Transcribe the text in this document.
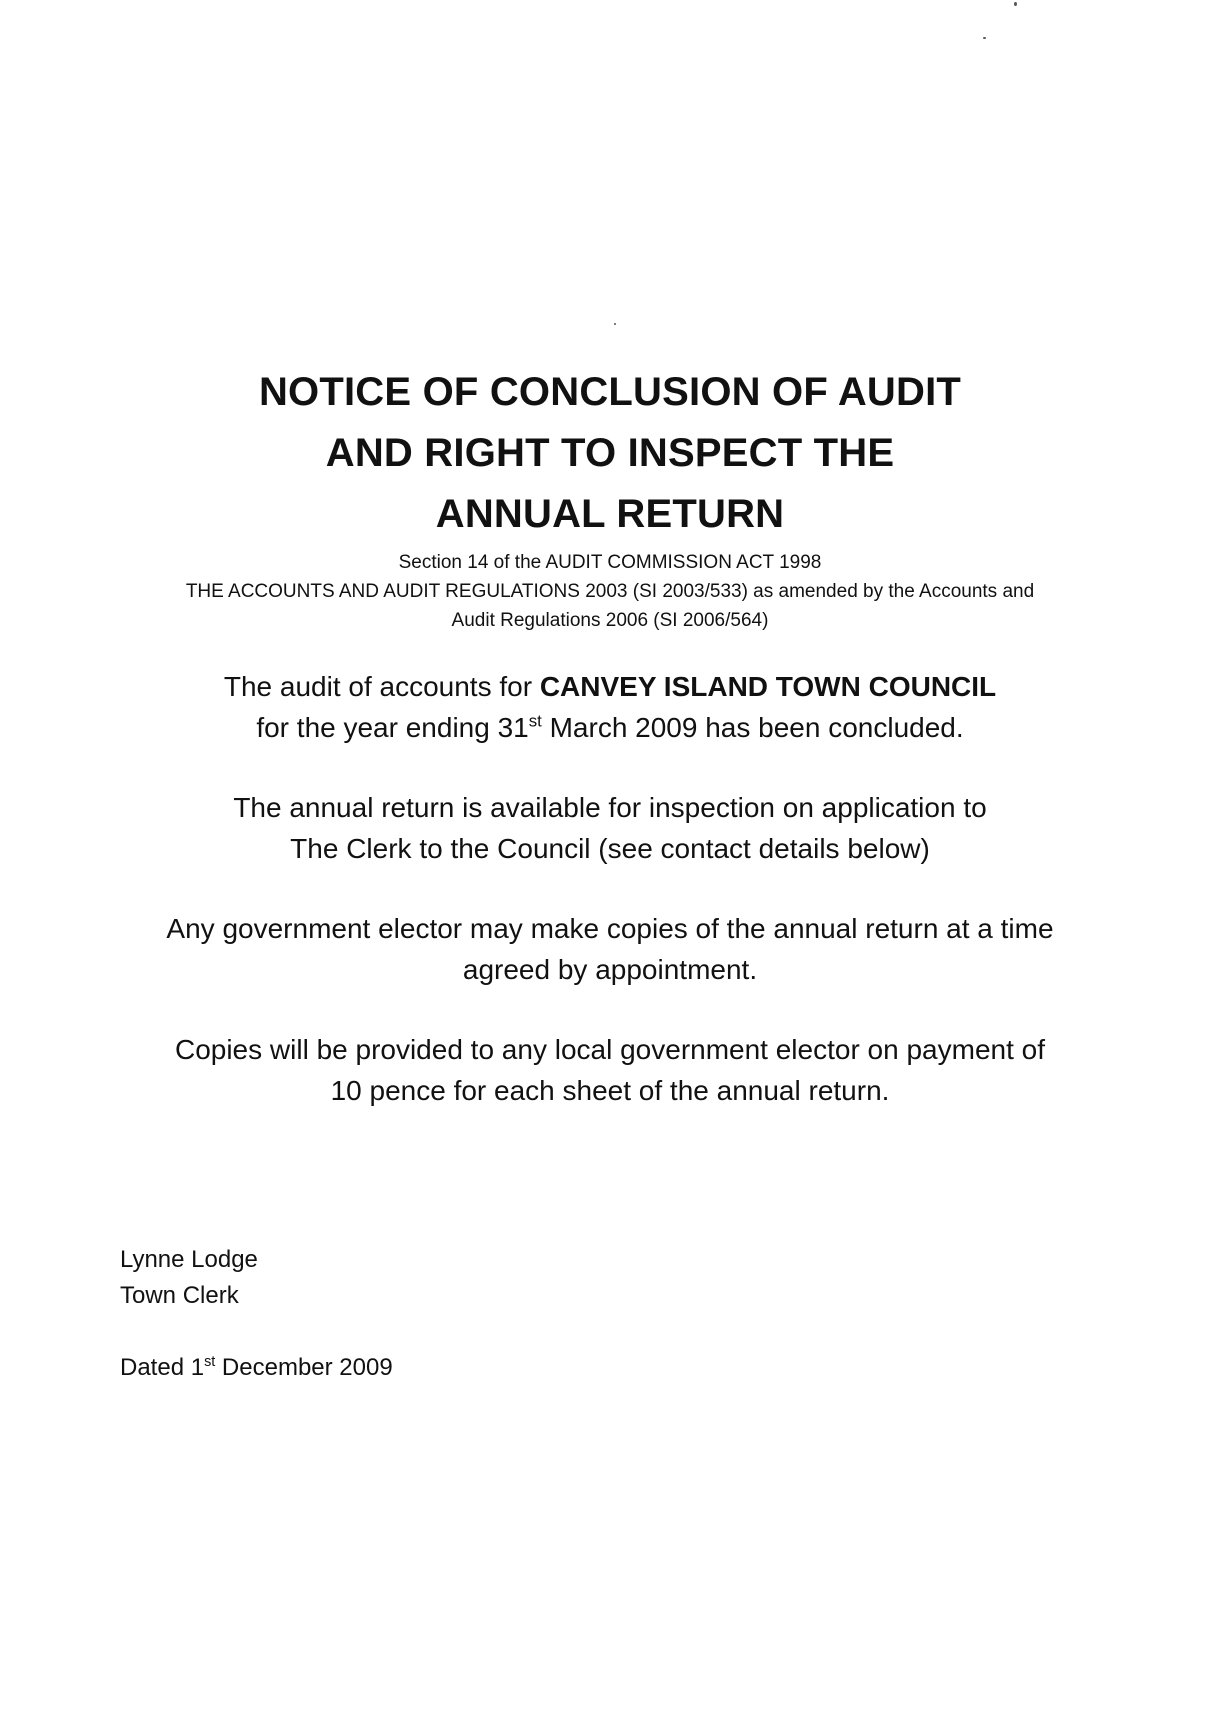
NOTICE OF CONCLUSION OF AUDIT
AND RIGHT TO INSPECT THE
ANNUAL RETURN
Section 14 of the AUDIT COMMISSION ACT 1998
THE ACCOUNTS AND AUDIT REGULATIONS 2003 (SI 2003/533) as amended by the Accounts and
Audit Regulations 2006 (SI 2006/564)
The audit of accounts for CANVEY ISLAND TOWN COUNCIL
for the year ending 31st March 2009 has been concluded.
The annual return is available for inspection on application to
The Clerk to the Council (see contact details below)
Any government elector may make copies of the annual return at a time
agreed by appointment.
Copies will be provided to any local government elector on payment of
10 pence for each sheet of the annual return.
Lynne Lodge
Town Clerk
Dated 1st December 2009
